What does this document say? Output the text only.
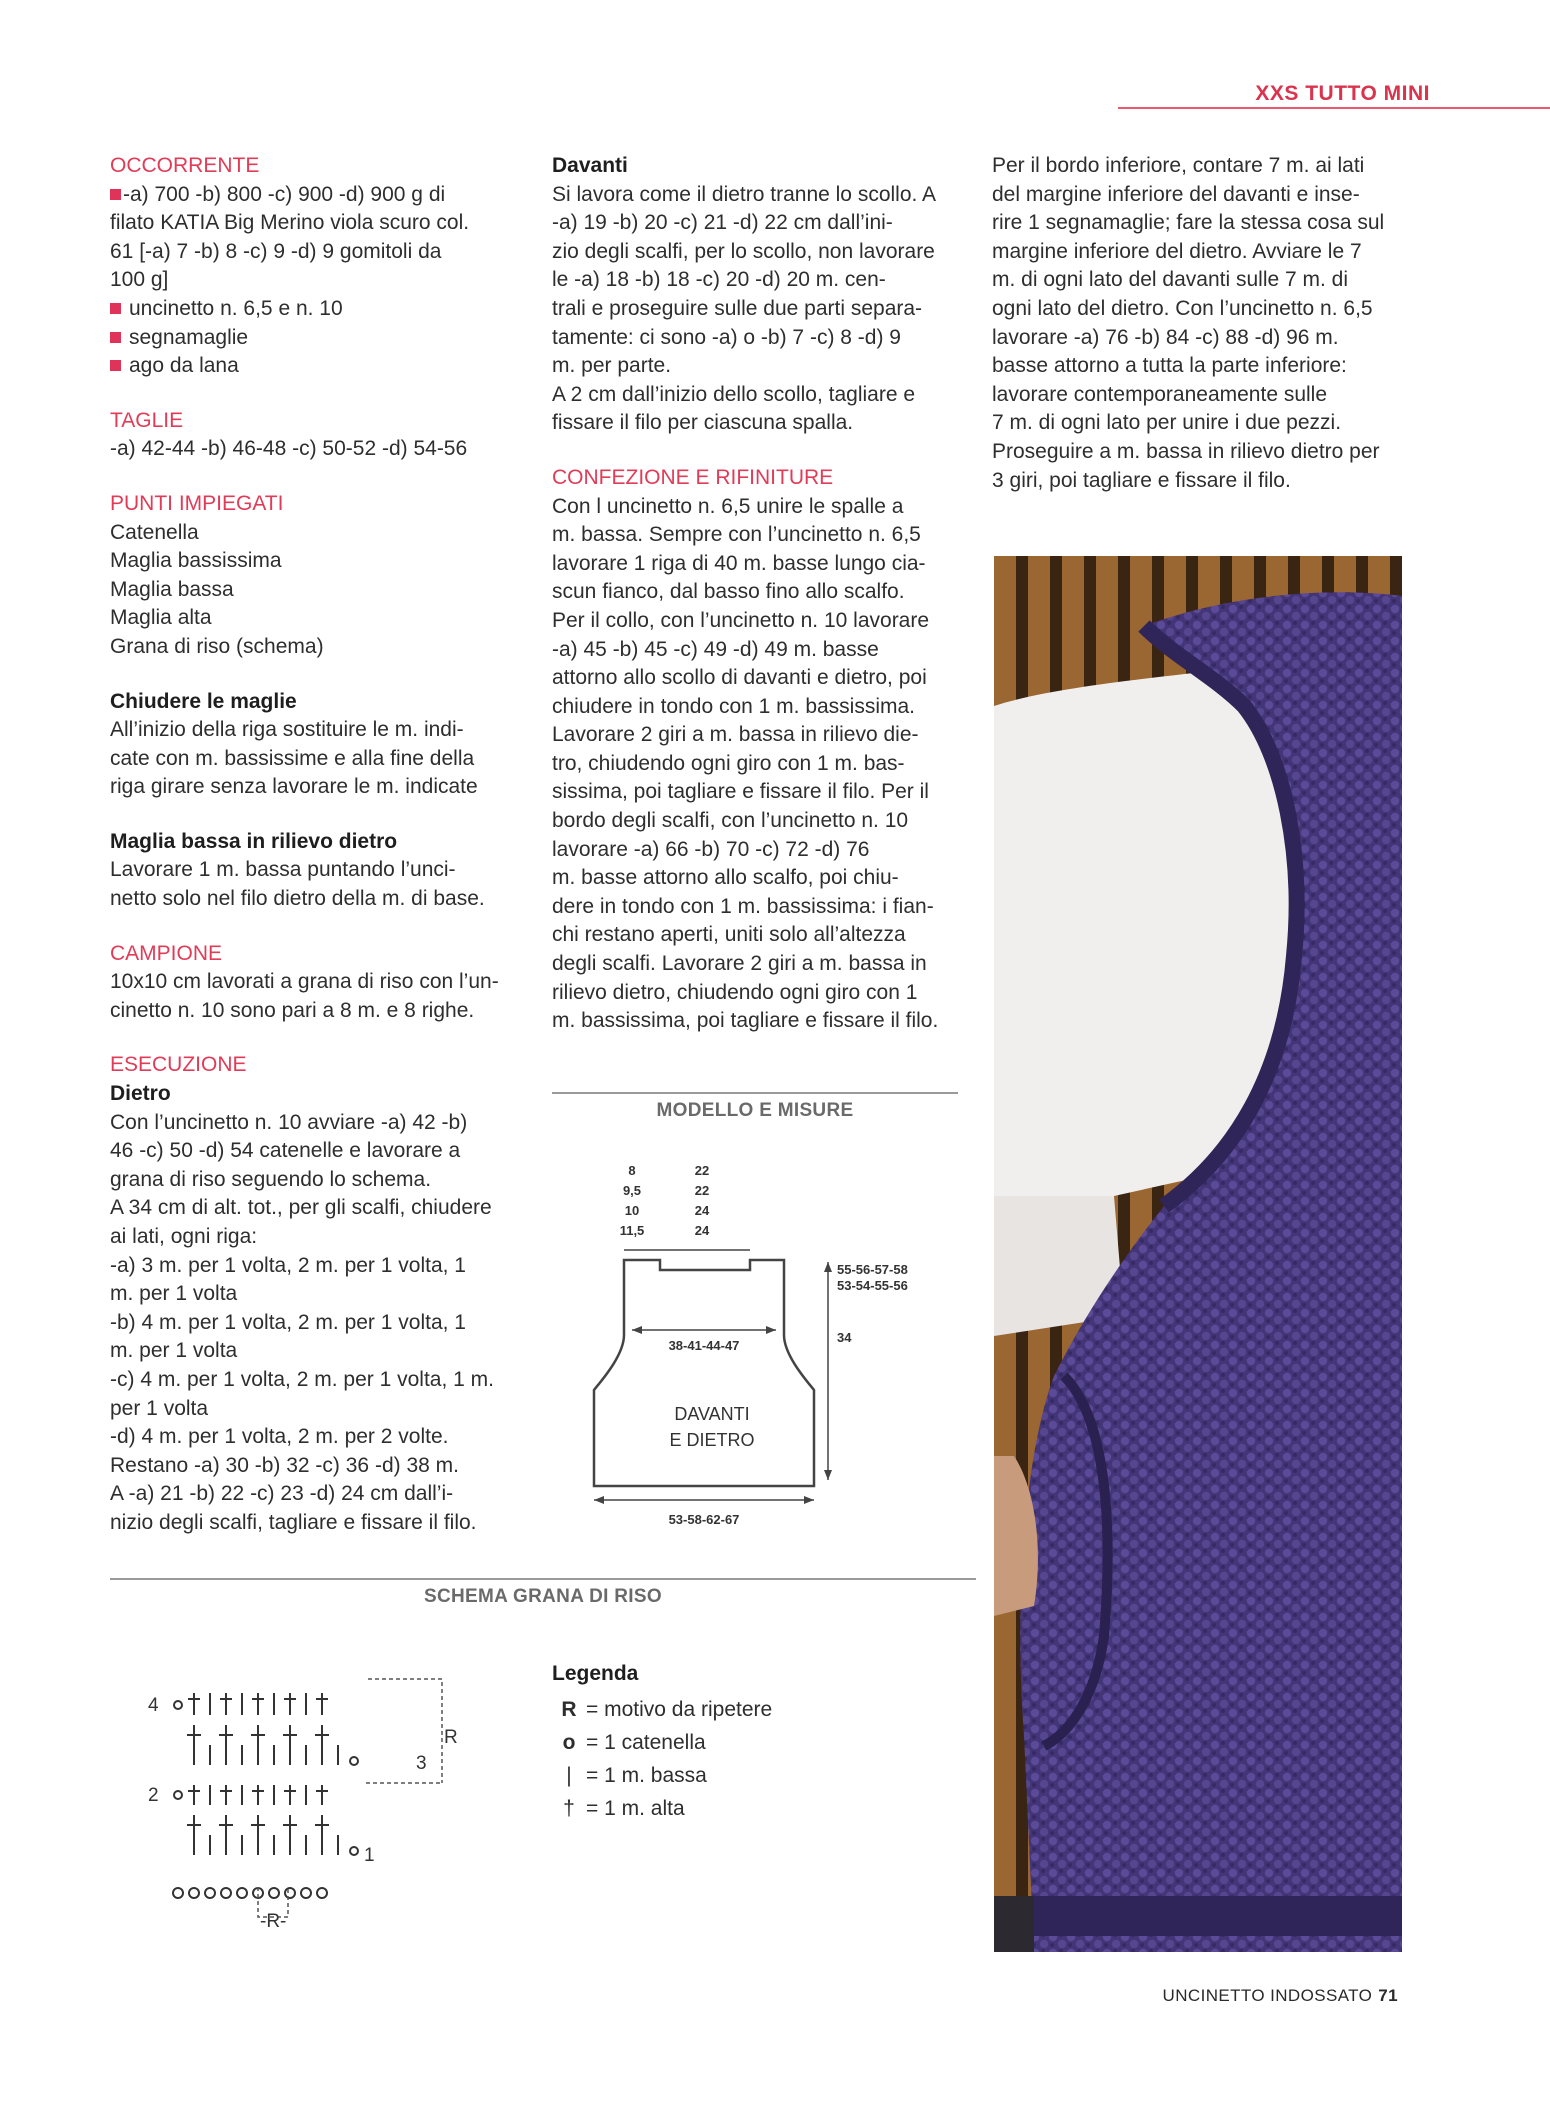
XXS TUTTO MINI
OCCORRENTE

-a) 700 -b) 800 -c) 900 -d) 900 g di

filato KATIA Big Merino viola scuro col.

61 [-a) 7 -b) 8 -c) 9 -d) 9 gomitoli da

100 g]

uncinetto n. 6,5 e n. 10

segnamaglie

ago da lana

TAGLIE

-a) 42-44 -b) 46-48 -c) 50-52 -d) 54-56

PUNTI IMPIEGATI

Catenella

Maglia bassissima

Maglia bassa

Maglia alta

Grana di riso (schema)

Chiudere le maglie

All’inizio della riga sostituire le m. indi-

cate con m. bassissime e alla fine della

riga girare senza lavorare le m. indicate

Maglia bassa in rilievo dietro

Lavorare 1 m. bassa puntando l’unci-

netto solo nel filo dietro della m. di base.

CAMPIONE

10x10 cm lavorati a grana di riso con l’un-

cinetto n. 10 sono pari a 8 m. e 8 righe.

ESECUZIONE
Dietro

Con l’uncinetto n. 10 avviare -a) 42 -b)

46 -c) 50 -d) 54 catenelle e lavorare a

grana di riso seguendo lo schema.

A 34 cm di alt. tot., per gli scalfi, chiudere

ai lati, ogni riga:

-a) 3 m. per 1 volta, 2 m. per 1 volta, 1

m. per 1 volta

-b) 4 m. per 1 volta, 2 m. per 1 volta, 1

m. per 1 volta

-c) 4 m. per 1 volta, 2 m. per 1 volta, 1 m.

per 1 volta

-d) 4 m. per 1 volta, 2 m. per 2 volte.

Restano -a) 30 -b) 32 -c) 36 -d) 38 m.

A -a) 21 -b) 22 -c) 23 -d) 24 cm dall’i-

nizio degli scalfi, tagliare e fissare il filo.

Davanti

Si lavora come il dietro tranne lo scollo. A

-a) 19 -b) 20 -c) 21 -d) 22 cm dall’ini-

zio degli scalfi, per lo scollo, non lavorare

le -a) 18 -b) 18 -c) 20 -d) 20 m. cen-

trali e proseguire sulle due parti separa-

tamente: ci sono -a) o -b) 7 -c) 8 -d) 9

m. per parte.

A 2 cm dall’inizio dello scollo, tagliare e

fissare il filo per ciascuna spalla.

CONFEZIONE E RIFINITURE

Con l uncinetto n. 6,5 unire le spalle a

m. bassa. Sempre con l’uncinetto n. 6,5

lavorare 1 riga di 40 m. basse lungo cia-

scun fianco, dal basso fino allo scalfo.

Per il collo, con l’uncinetto n. 10 lavorare

-a) 45 -b) 45 -c) 49 -d) 49 m. basse

attorno allo scollo di davanti e dietro, poi

chiudere in tondo con 1 m. bassissima.

Lavorare 2 giri a m. bassa in rilievo die-

tro, chiudendo ogni giro con 1 m. bas-

sissima, poi tagliare e fissare il filo. Per il

bordo degli scalfi, con l’uncinetto n. 10

lavorare -a) 66 -b) 70 -c) 72 -d) 76

m. basse attorno allo scalfo, poi chiu-

dere in tondo con 1 m. bassissima: i fian-

chi restano aperti, uniti solo all’altezza

degli scalfi. Lavorare 2 giri a m. bassa in

rilievo dietro, chiudendo ogni giro con 1

m. bassissima, poi tagliare e fissare il filo.

Per il bordo inferiore, contare 7 m. ai lati

del margine inferiore del davanti e inse-

rire 1 segnamaglie; fare la stessa cosa sul

margine inferiore del dietro. Avviare le 7

m. di ogni lato del davanti sulle 7 m. di

ogni lato del dietro. Con l’uncinetto n. 6,5

lavorare -a) 76 -b) 84 -c) 88 -d) 96 m.

basse attorno a tutta la parte inferiore:

lavorare contemporaneamente sulle

7 m. di ogni lato per unire i due pezzi.

Proseguire a m. bassa in rilievo dietro per

3 giri, poi tagliare e fissare il filo.

MODELLO E MISURE
8
9,5
10
11,5
22
22
24
24
38-41-44-47
53-58-62-67
55-56-57-58
53-54-55-56
34
DAVANTI
E DIETRO
SCHEMA GRANA DI RISO
4
2
3
1
R
-R-
Legenda
R = motivo da ripetere
o = 1 catenella
| = 1 m. bassa
† = 1 m. alta
UNCINETTO INDOSSATO 71
